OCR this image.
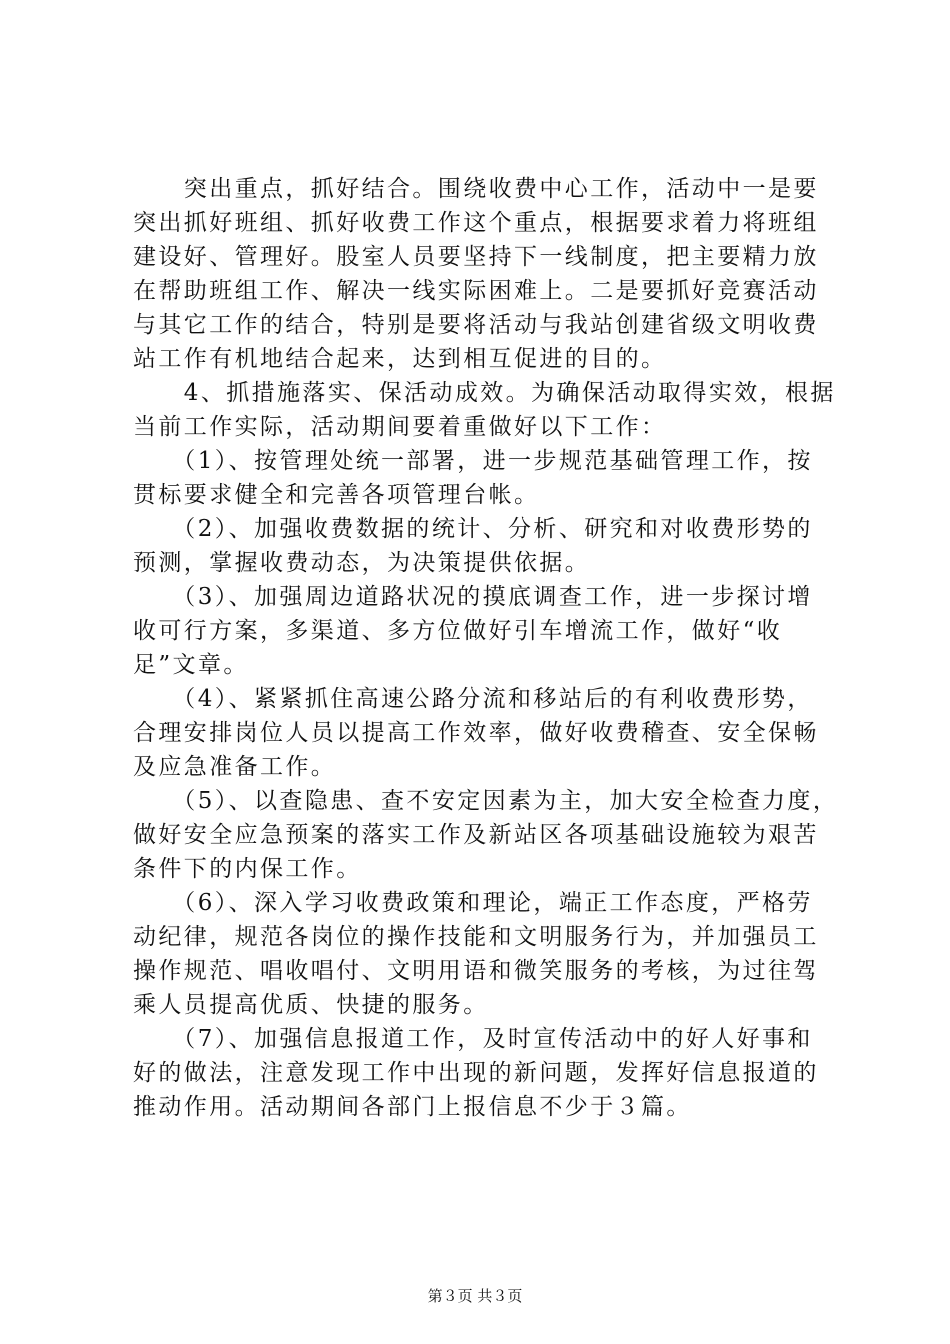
　　突出重点，抓好结合。围绕收费中心工作，活动中一是要
突出抓好班组、抓好收费工作这个重点，根据要求着力将班组
建设好、管理好。股室人员要坚持下一线制度，把主要精力放
在帮助班组工作、解决一线实际困难上。二是要抓好竞赛活动
与其它工作的结合，特别是要将活动与我站创建省级文明收费
站工作有机地结合起来，达到相互促进的目的。
　　4、抓措施落实、保活动成效。为确保活动取得实效，根据
当前工作实际，活动期间要着重做好以下工作：
　　（1）、按管理处统一部署，进一步规范基础管理工作，按
贯标要求健全和完善各项管理台帐。
　　（2）、加强收费数据的统计、分析、研究和对收费形势的
预测，掌握收费动态，为决策提供依据。
　　（3）、加强周边道路状况的摸底调查工作，进一步探讨增
收可行方案，多渠道、多方位做好引车增流工作，做好“收
足”文章。
　　（4）、紧紧抓住高速公路分流和移站后的有利收费形势，
合理安排岗位人员以提高工作效率，做好收费稽查、安全保畅
及应急准备工作。
　　（5）、以查隐患、查不安定因素为主，加大安全检查力度，
做好安全应急预案的落实工作及新站区各项基础设施较为艰苦
条件下的内保工作。
　　（6）、深入学习收费政策和理论，端正工作态度，严格劳
动纪律，规范各岗位的操作技能和文明服务行为，并加强员工
操作规范、唱收唱付、文明用语和微笑服务的考核，为过往驾
乘人员提高优质、快捷的服务。
　　（7）、加强信息报道工作，及时宣传活动中的好人好事和
好的做法，注意发现工作中出现的新问题，发挥好信息报道的
推动作用。活动期间各部门上报信息不少于３篇。
第３页 共３页
